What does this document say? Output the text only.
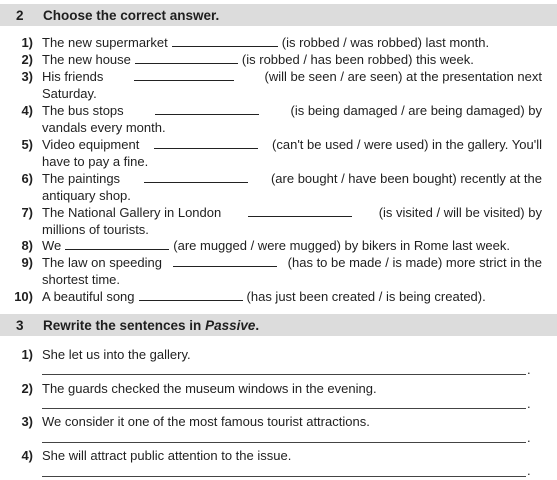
2 Choose the correct answer.
1) The new supermarket	(is robbed / was robbed) last month.
2) The new house	(is robbed / has been robbed) this week.
3) His friends	(will be seen / are seen) at the presentation next
Saturday.
4) The bus stops	(is being damaged / are being damaged) by
vandals every month.
5) Video equipment	(can't be used / were used) in the gallery. You'll
have to pay a fine.
6) The paintings	(are bought / have been bought) recently at the
antiquary shop.
7) The National Gallery in London	(is visited / will be visited) by
millions of tourists.
8) We	(are mugged / were mugged) by bikers in Rome last week.
9) The law on speeding	(has to be made / is made) more strict in the
shortest time.
10) A beautiful song	(has just been created / is being created).
3 Rewrite the sentences in Passive.
1) She let us into the gallery.
.
2) The guards checked the museum windows in the evening.
.
3) We consider it one of the most famous tourist attractions.
.
4) She will attract public attention to the issue.
.
